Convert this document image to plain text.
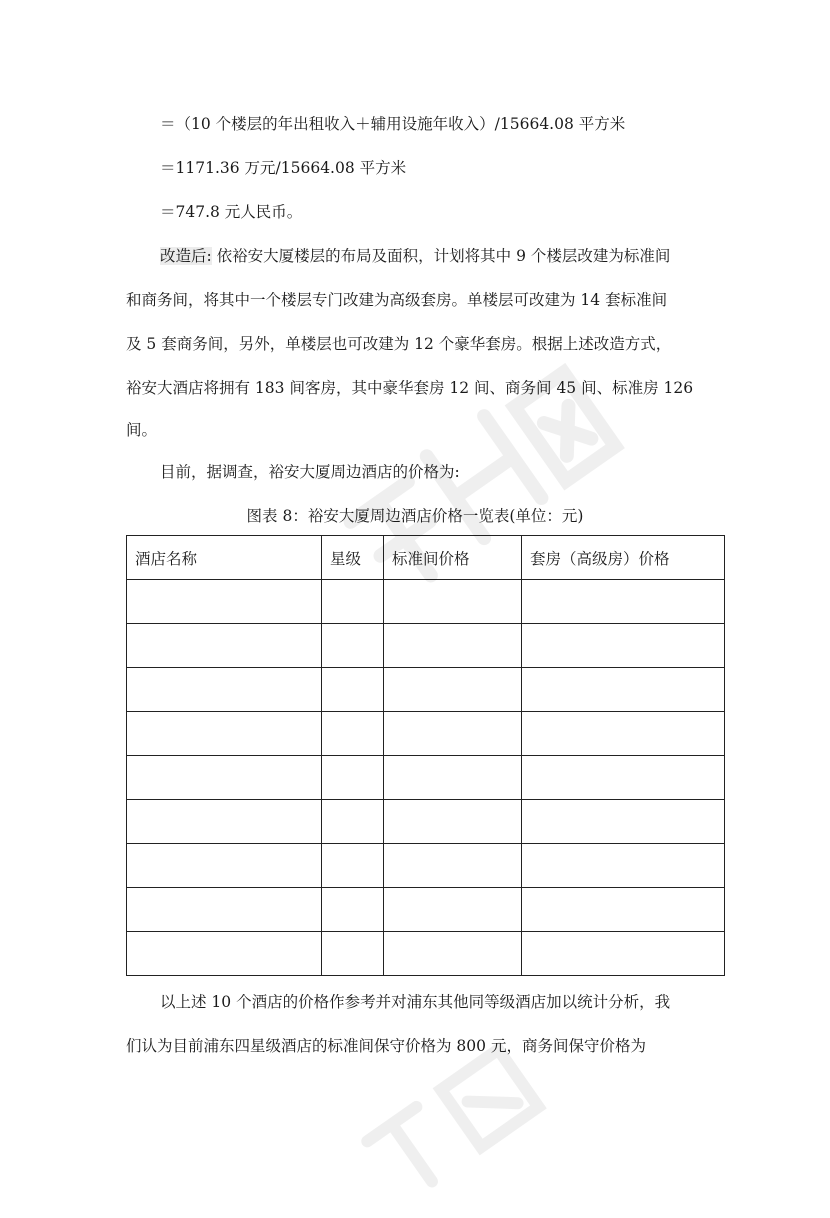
＝（10 个楼层的年出租收入＋辅用设施年收入）/15664.08 平方米
＝1171.36 万元/15664.08 平方米
＝747.8 元人民币。
改造后: 依裕安大厦楼层的布局及面积，计划将其中 9 个楼层改建为标准间
和商务间，将其中一个楼层专门改建为高级套房。单楼层可改建为 14 套标准间
及 5 套商务间，另外，单楼层也可改建为 12 个豪华套房。根据上述改造方式，
裕安大酒店将拥有 183 间客房，其中豪华套房 12 间、商务间 45 间、标准房 126
间。
目前，据调查，裕安大厦周边酒店的价格为:
图表 8：裕安大厦周边酒店价格一览表(单位：元)
酒店名称	星级	标准间价格	套房（高级房）价格

以上述 10 个酒店的价格作参考并对浦东其他同等级酒店加以统计分析，我
们认为目前浦东四星级酒店的标准间保守价格为 800 元，商务间保守价格为
